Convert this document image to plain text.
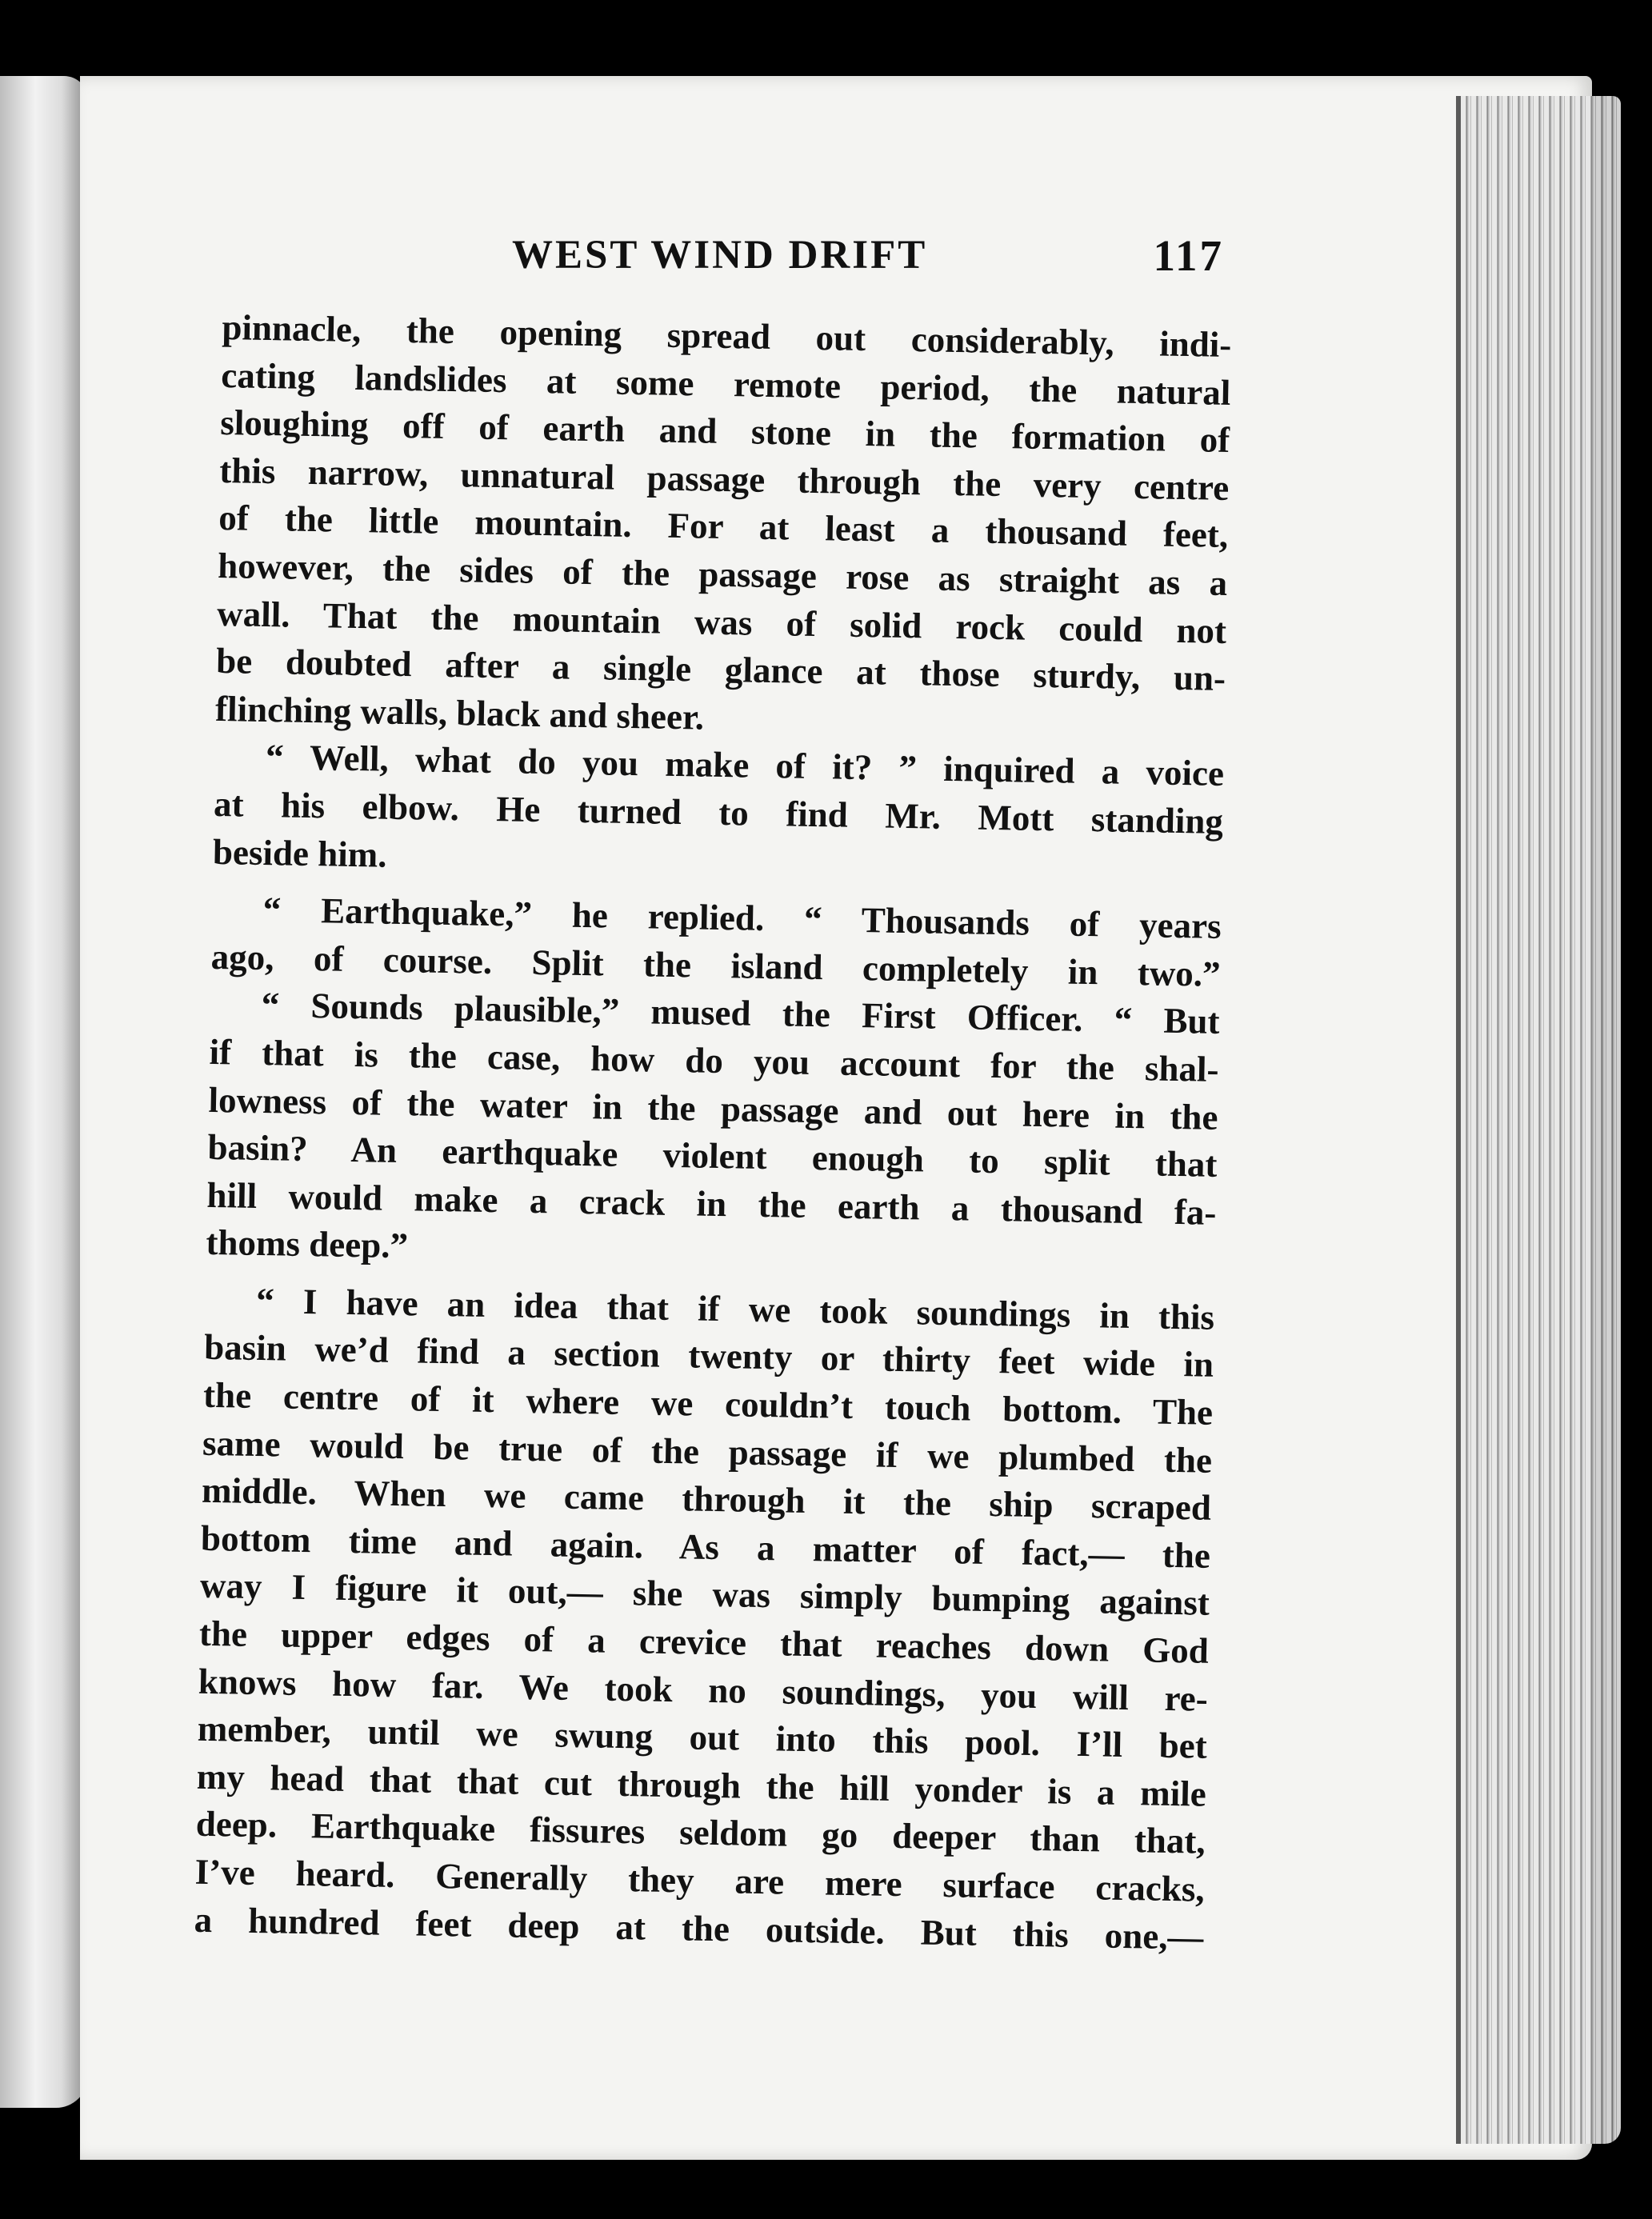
WEST WIND DRIFT	117
pinnacle, the opening spread out considerably, indi-
cating landslides at some remote period, the natural
sloughing off of earth and stone in the formation of
this narrow, unnatural passage through the very centre
of the little mountain. For at least a thousand feet,
however, the sides of the passage rose as straight as a
wall. That the mountain was of solid rock could not
be doubted after a single glance at those sturdy, un-
flinching walls, black and sheer.
“ Well, what do you make of it? ” inquired a voice
at his elbow. He turned to find Mr. Mott standing
beside him.
“ Earthquake,” he replied. “ Thousands of years
ago, of course. Split the island completely in two.”
“ Sounds plausible,” mused the First Officer. “ But
if that is the case, how do you account for the shal-
lowness of the water in the passage and out here in the
basin? An earthquake violent enough to split that
hill would make a crack in the earth a thousand fa-
thoms deep.”
“ I have an idea that if we took soundings in this
basin we’d find a section twenty or thirty feet wide in
the centre of it where we couldn’t touch bottom. The
same would be true of the passage if we plumbed the
middle. When we came through it the ship scraped
bottom time and again. As a matter of fact,— the
way I figure it out,— she was simply bumping against
the upper edges of a crevice that reaches down God
knows how far. We took no soundings, you will re-
member, until we swung out into this pool. I’ll bet
my head that that cut through the hill yonder is a mile
deep. Earthquake fissures seldom go deeper than that,
I’ve heard. Generally they are mere surface cracks,
a hundred feet deep at the outside. But this one,—
